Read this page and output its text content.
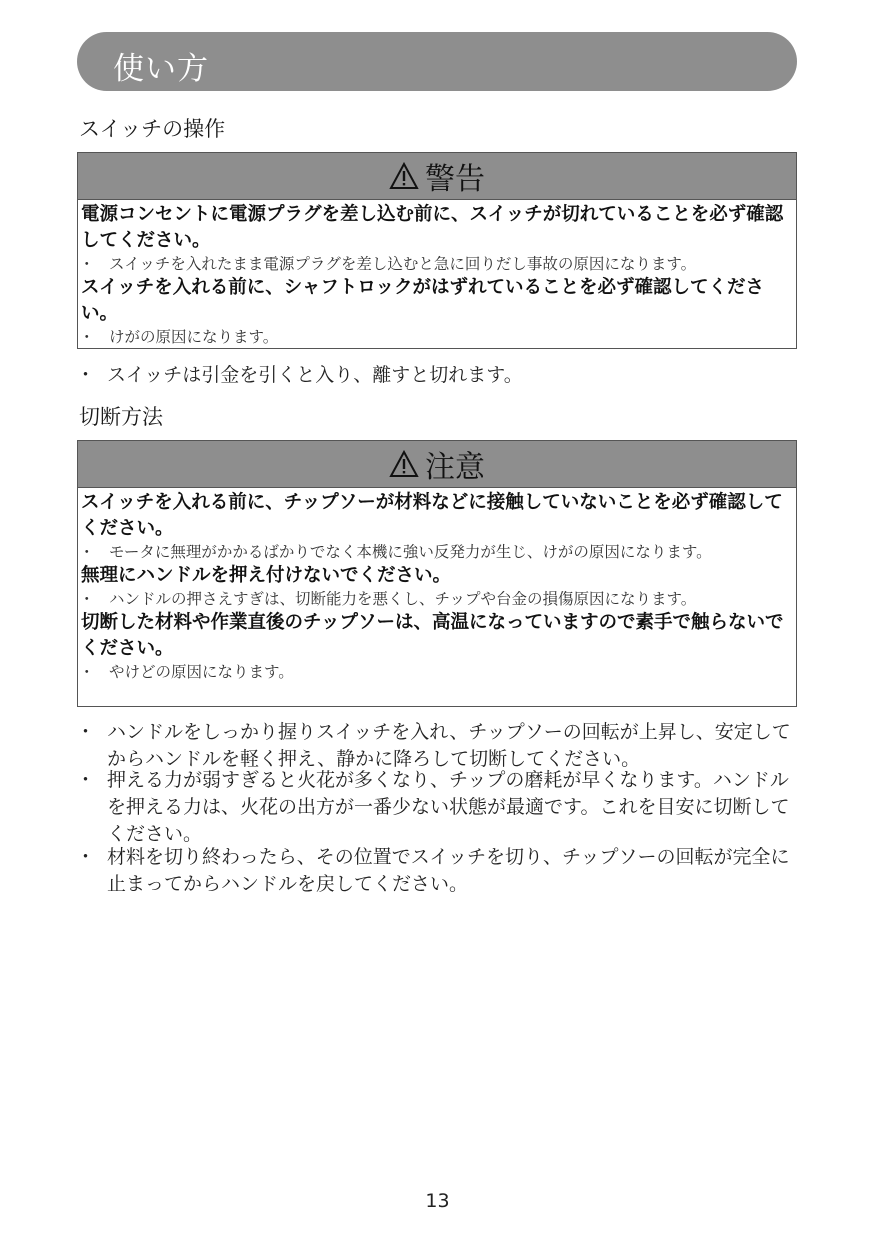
使い方
スイッチの操作
警告
電源コンセントに電源プラグを差し込む前に、スイッチが切れていることを必ず確認してください。
・ スイッチを入れたまま電源プラグを差し込むと急に回りだし事故の原因になります。
スイッチを入れる前に、シャフトロックがはずれていることを必ず確認してください。
・ けがの原因になります。
・ スイッチは引金を引くと入り、離すと切れます。
切断方法
注意
スイッチを入れる前に、チップソーが材料などに接触していないことを必ず確認してください。
・ モータに無理がかかるばかりでなく本機に強い反発力が生じ、けがの原因になります。
無理にハンドルを押え付けないでください。
・ ハンドルの押さえすぎは、切断能力を悪くし、チップや台金の損傷原因になります。
切断した材料や作業直後のチップソーは、高温になっていますので素手で触らないでください。
・ やけどの原因になります。
・ ハンドルをしっかり握りスイッチを入れ、チップソーの回転が上昇し、安定してからハンドルを軽く押え、静かに降ろして切断してください。
・ 押える力が弱すぎると火花が多くなり、チップの磨耗が早くなります。ハンドルを押える力は、火花の出方が一番少ない状態が最適です。これを目安に切断してください。
・ 材料を切り終わったら、その位置でスイッチを切り、チップソーの回転が完全に止まってからハンドルを戻してください。
13
